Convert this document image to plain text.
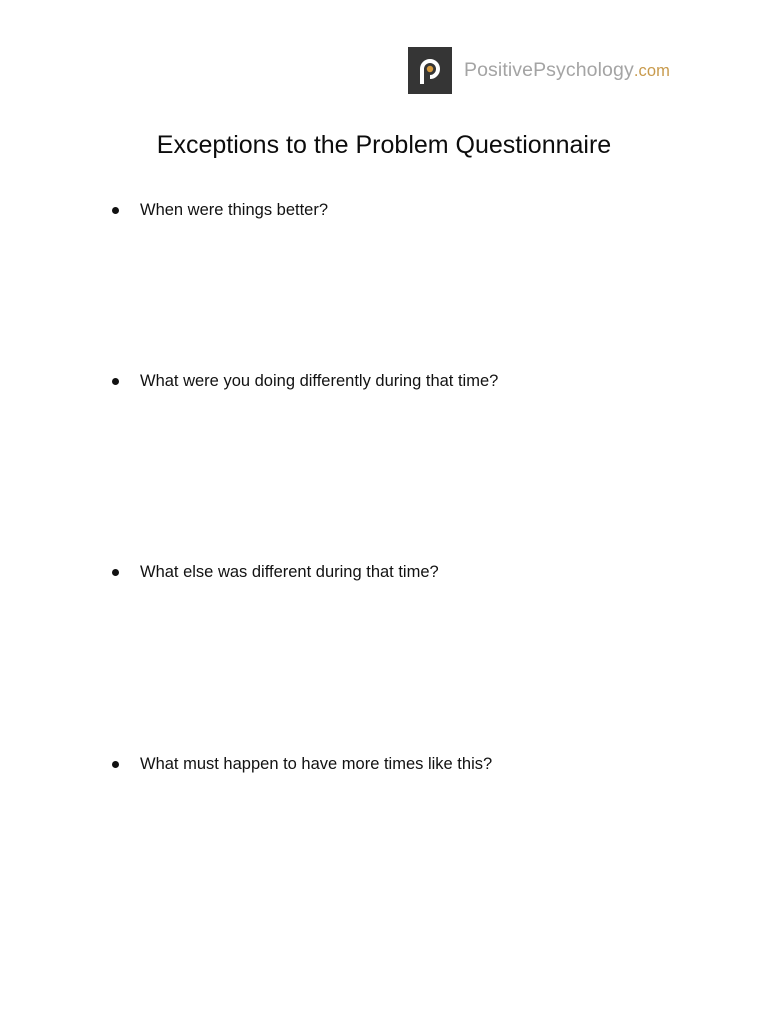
PositivePsychology.com
Exceptions to the Problem Questionnaire
When were things better?
What were you doing differently during that time?
What else was different during that time?
What must happen to have more times like this?
